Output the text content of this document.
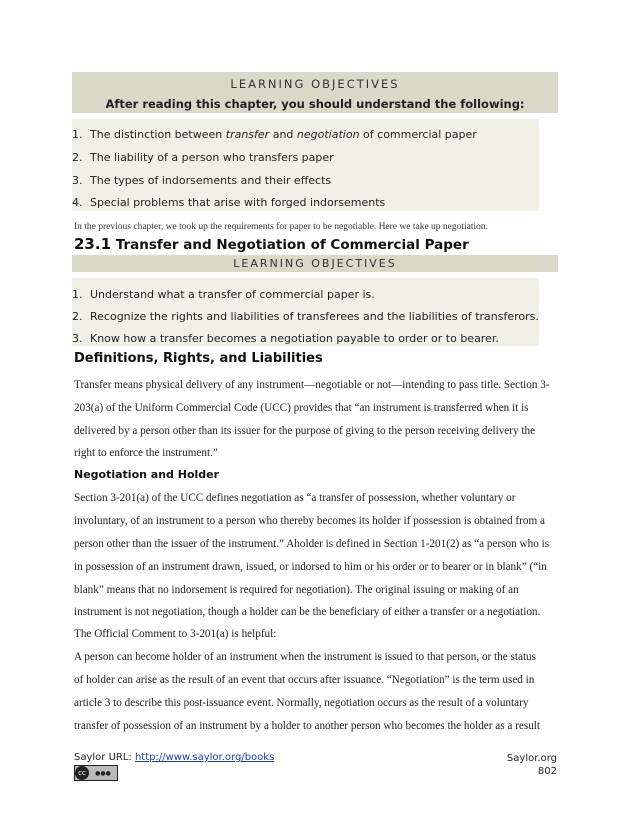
LEARNING OBJECTIVES
After reading this chapter, you should understand the following:
1. The distinction between transfer and negotiation of commercial paper
2. The liability of a person who transfers paper
3. The types of indorsements and their effects
4. Special problems that arise with forged indorsements
In the previous chapter, we took up the requirements for paper to be negotiable. Here we take up negotiation.
23.1 Transfer and Negotiation of Commercial Paper
LEARNING OBJECTIVES
1. Understand what a transfer of commercial paper is.
2. Recognize the rights and liabilities of transferees and the liabilities of transferors.
3. Know how a transfer becomes a negotiation payable to order or to bearer.
Definitions, Rights, and Liabilities
Transfer means physical delivery of any instrument—negotiable or not—intending to pass title. Section 3-
203(a) of the Uniform Commercial Code (UCC) provides that “an instrument is transferred when it is
delivered by a person other than its issuer for the purpose of giving to the person receiving delivery the
right to enforce the instrument.”
Negotiation and Holder
Section 3-201(a) of the UCC defines negotiation as “a transfer of possession, whether voluntary or
involuntary, of an instrument to a person who thereby becomes its holder if possession is obtained from a
person other than the issuer of the instrument.” Aholder is defined in Section 1-201(2) as “a person who is
in possession of an instrument drawn, issued, or indorsed to him or his order or to bearer or in blank” (“in
blank” means that no indorsement is required for negotiation). The original issuing or making of an
instrument is not negotiation, though a holder can be the beneficiary of either a transfer or a negotiation.
The Official Comment to 3-201(a) is helpful:
A person can become holder of an instrument when the instrument is issued to that person, or the status
of holder can arise as the result of an event that occurs after issuance. “Negotiation” is the term used in
article 3 to describe this post-issuance event. Normally, negotiation occurs as the result of a voluntary
transfer of possession of an instrument by a holder to another person who becomes the holder as a result
Saylor URL: http://www.saylor.org/books
cc	●●●
Saylor.org
802
